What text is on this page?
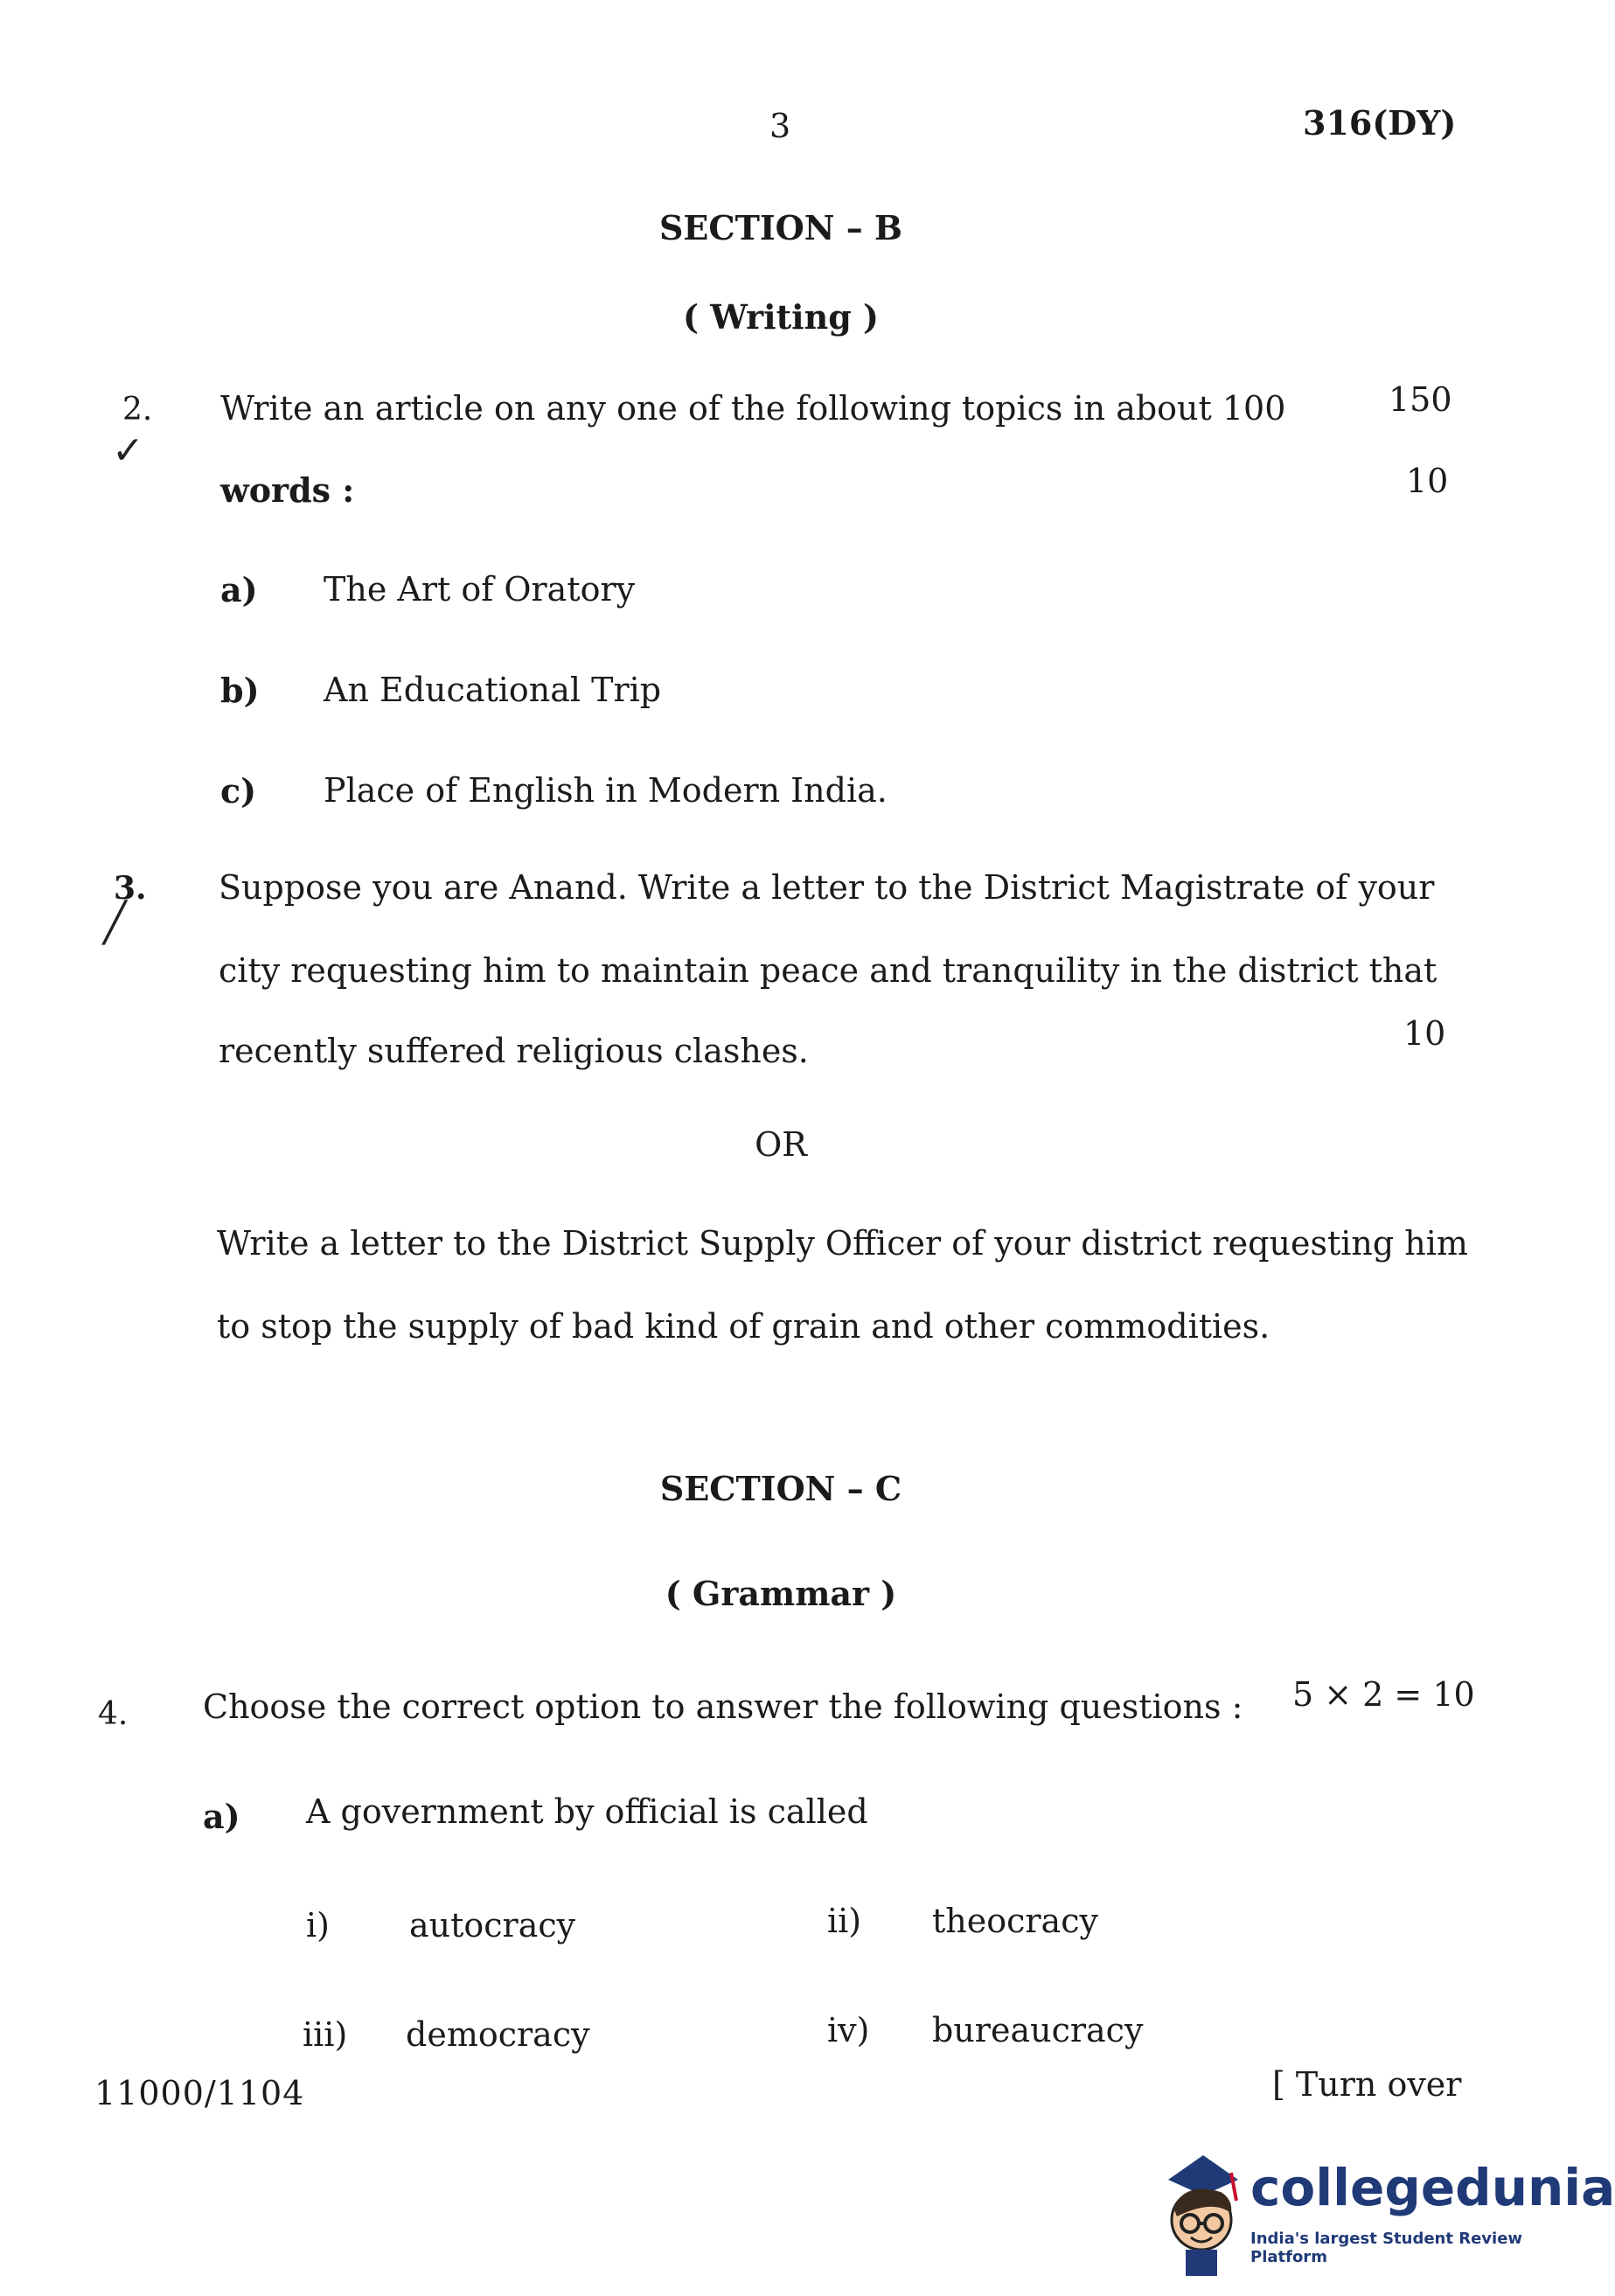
3	316(DY)
SECTION – B
( Writing )
2.
✓
Write an article on any one of the following topics in about 100	150
words :	10
a) The Art of Oratory
b) An Educational Trip
c) Place of English in Modern India.
3.
╱
Suppose you are Anand. Write a letter to the District Magistrate of your
city requesting him to maintain peace and tranquility in the district that
recently suffered religious clashes.	10
OR
Write a letter to the District Supply Officer of your district requesting him
to stop the supply of bad kind of grain and other commodities.
SECTION – C
( Grammar )
4. Choose the correct option to answer the following questions : 5 × 2 = 10
a) A government by official is called
i) autocracy	ii) theocracy
iii) democracy	iv) bureaucracy
11000/1104	[ Turn over
collegedunia
India's largest Student Review Platform
